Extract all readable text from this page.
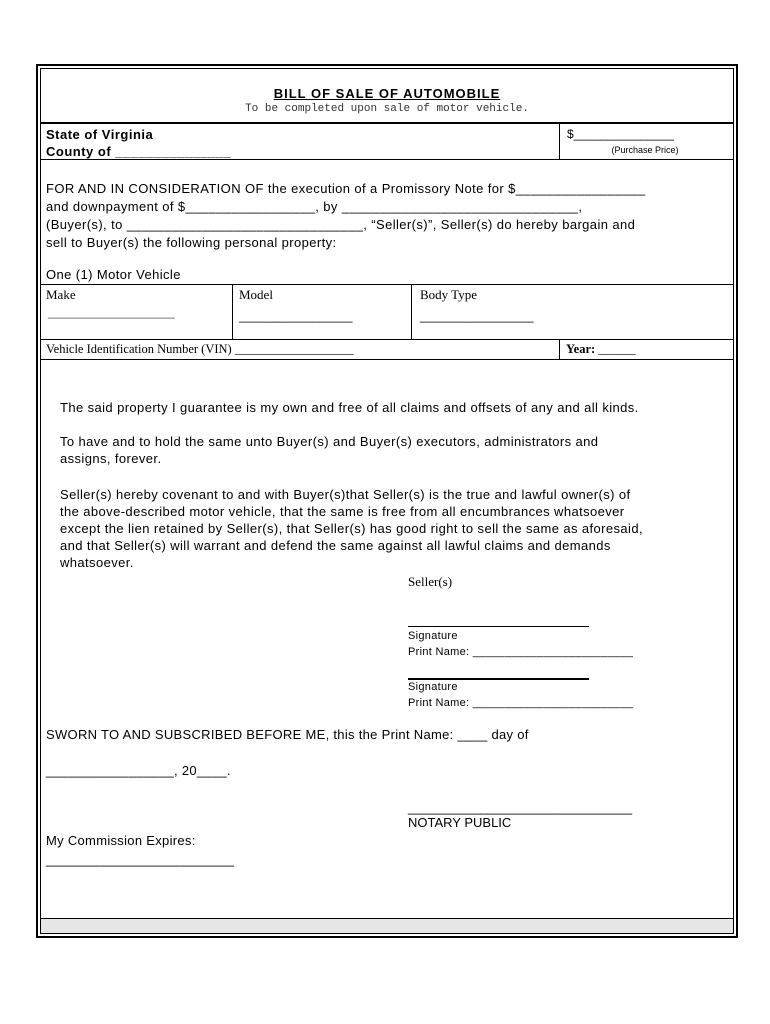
BILL OF SALE OF AUTOMOBILE
To be completed upon sale of motor vehicle.
State of Virginia
County of _______________
$_______________
(Purchase Price)
FOR AND IN CONSIDERATION OF the execution of a Promissory Note for $_________________
and downpayment of $_________________, by _______________________________,
(Buyer(s), to _______________________________, “Seller(s)”, Seller(s) do hereby bargain and
sell to Buyer(s) the following personal property:
One (1) Motor Vehicle
Make
___________________
Model
_________________
Body Type
_________________
Vehicle Identification Number (VIN) ___________________	Year: ______
The said property I guarantee is my own and free of all claims and offsets of any and all kinds.
To have and to hold the same unto Buyer(s) and Buyer(s) executors, administrators and
assigns, forever.
Seller(s) hereby covenant to and with Buyer(s)that Seller(s) is the true and lawful owner(s) of
the above-described motor vehicle, that the same is free from all encumbrances whatsoever
except the lien retained by Seller(s), that Seller(s) has good right to sell the same as aforesaid,
and that Seller(s) will warrant and defend the same against all lawful claims and demands
whatsoever.
Seller(s)
Signature
Print Name: _________________________
Signature
Print Name: _________________________
SWORN TO AND SUBSCRIBED BEFORE ME, this the Print Name: ____ day of
_________________, 20____.
_______________________________
NOTARY PUBLIC
My Commission Expires:
__________________________
